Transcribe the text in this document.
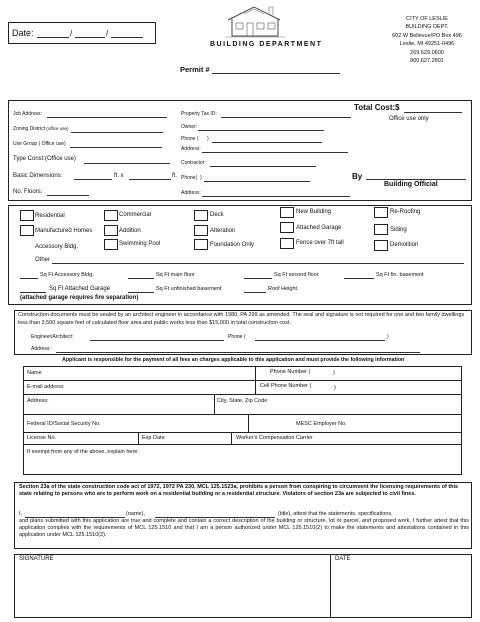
Date:	/	/
BUILDING DEPARTMENT
CITY OF LESLIE
BUILDING DEPT.
602 W Bellevue/PO Box 496
Leslie, MI 49251-0496
269.629.0600
800.627.2801
Permit #
Job Address:
Zoning District:(office use)
Use Group ( Office use)
Type Const:(Office use)
Basic Dimensions:	ft. x	ft.
No. Floors:
Property Tax ID:
Owner:
Phone ( )
Address:
Contractor:
Phone( )
Address:
Total Cost:$
Office use only
By
Building Official
Residential
Manufactured Homes
Accessory Bldg.
Commercial
Addition
Swimming Pool
Deck
Alteration
Foundation Only
New Building
Attached Garage
Fence over 7ft tall
Re-Roofing
Siding
Demolition
Other
Sq Ft Accessory Bldg.	Sq Ft main floor	Sq Ft second floor	Sq Ft fin. basement
Sq Ft Attached Garage	Sq Ft unfinished basement	Roof Height
(attached garage requires fire separation)
Construction documents must be sealed by an architect engineer in accordance with 1980, PA 299 as amended. The seal and signature is not required for one and two family dwellings less than 3,500 square feet of calculated floor area and public works less than $15,000 in total construction cost.
Engineer/Architect:	Phone (	)
Address:
Applicant is responsible for the payment of all fees an charges applicable to this application and must provide the following information
Name	Phone Number (	)
E-mail address	Cell Phone Number (	)
Address:	City, State, Zip Code
Federal ID/Social Security No.	MESC Employer No.
License No.	Exp Date	Worker's Compensation Carrier
If exempt from any of the above, explain here:
Section 23a of the state construction code act of 1972, 1972 PA 230, MCL 125.1523a, prohibits a person from conspiring to circumvent the licensing requirements of this state relating to persons who are to perform work on a residential building or a residential structure. Violators of section 23a are subjected to civil fines.
I,	(name),	(title), attest that the statements, specifications,
and plans submitted with this application are true and complete and contain a correct description of the building or structure, lot or parcel, and proposed work. I further attest that this application complies with the requirements of MCL 125.1510 and that I am a person authorized under MCL 125.1510(2) to make the statements and attestations contained in this application under MCL 125.1510(2).
SIGNATURE	DATE
